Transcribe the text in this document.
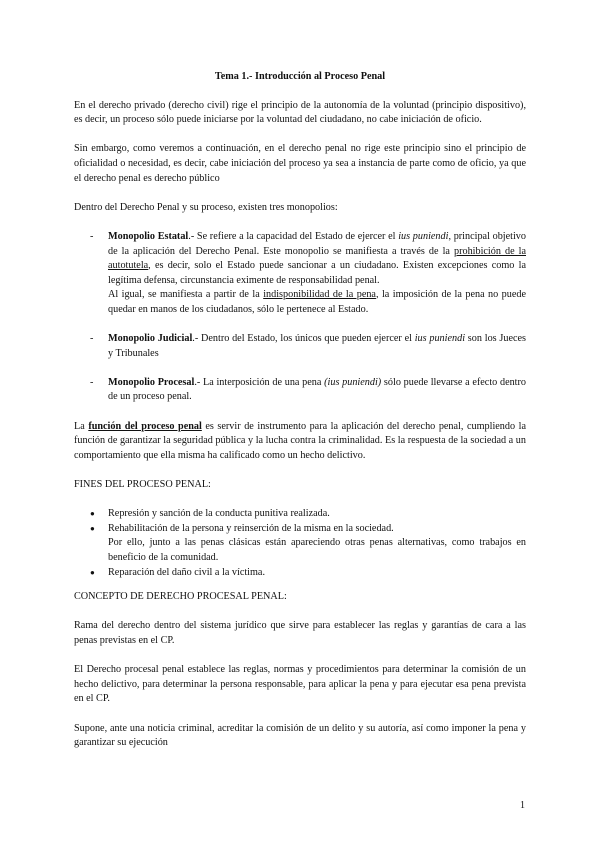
Tema 1.- Introducción al Proceso Penal

En el derecho privado (derecho civil) rige el principio de la autonomía de la voluntad (principio dispositivo), es decir, un proceso sólo puede iniciarse por la voluntad del ciudadano, no cabe iniciación de oficio.

Sin embargo, como veremos a continuación, en el derecho penal no rige este principio sino el principio de oficialidad o necesidad, es decir, cabe iniciación del proceso ya sea a instancia de parte como de oficio, ya que el derecho penal es derecho público

Dentro del Derecho Penal y su proceso, existen tres monopolios:

- Monopolio Estatal.- Se refiere a la capacidad del Estado de ejercer el ius puniendi, principal objetivo de la aplicación del Derecho Penal. Este monopolio se manifiesta a través de la prohibición de la autotutela, es decir, solo el Estado puede sancionar a un ciudadano. Existen excepciones como la legítima defensa, circunstancia eximente de responsabilidad penal.
Al igual, se manifiesta a partir de la indisponibilidad de la pena, la imposición de la pena no puede quedar en manos de los ciudadanos, sólo le pertenece al Estado.
- Monopolio Judicial.- Dentro del Estado, los únicos que pueden ejercer el ius puniendi son los Jueces y Tribunales
- Monopolio Procesal.- La interposición de una pena (ius puniendi) sólo puede llevarse a efecto dentro de un proceso penal.

La función del proceso penal es servir de instrumento para la aplicación del derecho penal, cumpliendo la función de garantizar la seguridad pública y la lucha contra la criminalidad. Es la respuesta de la sociedad a un comportamiento que ella misma ha calificado como un hecho delictivo.

FINES DEL PROCESO PENAL:
● Represión y sanción de la conducta punitiva realizada.
● Rehabilitación de la persona y reinserción de la misma en la sociedad.
Por ello, junto a las penas clásicas están apareciendo otras penas alternativas, como trabajos en beneficio de la comunidad.
● Reparación del daño civil a la víctima.
CONCEPTO DE DERECHO PROCESAL PENAL:

Rama del derecho dentro del sistema jurídico que sirve para establecer las reglas y garantías de cara a las penas previstas en el CP.

El Derecho procesal penal establece las reglas, normas y procedimientos para determinar la comisión de un hecho delictivo, para determinar la persona responsable, para aplicar la pena y para ejecutar esa pena prevista en el CP.

Supone, ante una noticia criminal, acreditar la comisión de un delito y su autoría, así como imponer la pena y garantizar su ejecución

1
